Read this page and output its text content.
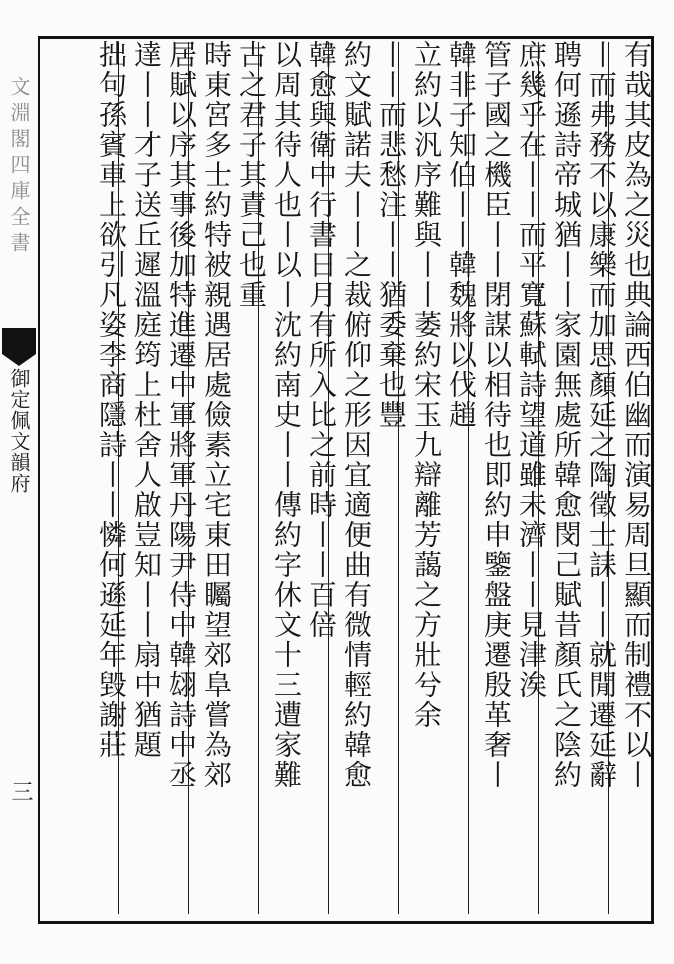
文淵閣四庫全書
御定佩文韻府
三
有哉其皮為之災也典論西伯幽而演易周旦顯而制禮不以丨
丨而弗務不以康樂而加思顏延之陶徵士誄丨丨就閒遷延辭
聘何遜詩帝城猶丨丨家園無處所韓愈閔己賦昔顏氏之陰約
庶幾乎在丨丨而平寬蘇軾詩望道雖未濟丨丨見津涘
管子國之機臣丨丨閉謀以相待也即約申鑒盤庚遷殷革奢丨
韓非子知伯丨丨韓魏將以伐趙
立約以汎序難與丨丨萎約宋玉九辯離芳藹之方壯兮余
丨丨而悲愁注丨丨猶委棄也豐
約文賦諾夫丨丨之裁俯仰之形因宜適便曲有微情輕約韓愈
韓愈與衛中行書日月有所入比之前時丨丨百倍
以周其待人也丨以丨沈約南史丨丨傳約字休文十三遭家難
古之君子其責己也重
時東宮多士約特被親遇居處儉素立宅東田矚望郊阜嘗為郊
居賦以序其事後加特進遷中軍將軍丹陽尹侍中韓翃詩中丞
達丨丨才子送丘遲溫庭筠上杜舍人啟豈知丨丨扇中猶題
拙句孫賓車上欲引凡姿李商隱詩丨丨憐何遜延年毀謝莊
